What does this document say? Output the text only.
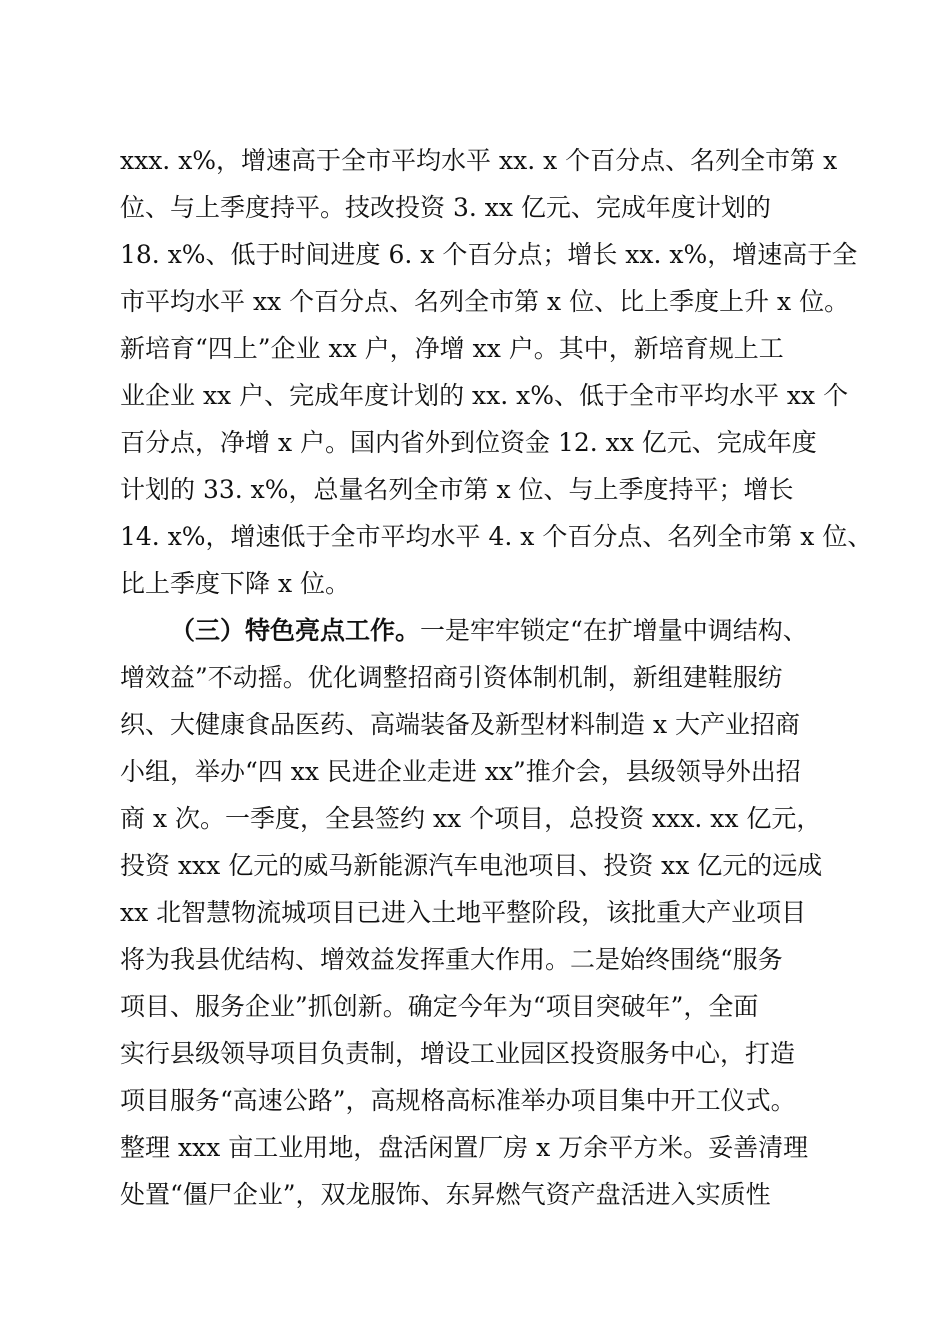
xxx. x%，增速高于全市平均水平 xx. x 个百分点、名列全市第 x
位、与上季度持平。技改投资 3. xx 亿元、完成年度计划的
18. x%、低于时间进度 6. x 个百分点；增长 xx. x%，增速高于全
市平均水平 xx 个百分点、名列全市第 x 位、比上季度上升 x 位。
新培育“四上”企业 xx 户，净增 xx 户。其中，新培育规上工
业企业 xx 户、完成年度计划的 xx. x%、低于全市平均水平 xx 个
百分点，净增 x 户。国内省外到位资金 12. xx 亿元、完成年度
计划的 33. x%，总量名列全市第 x 位、与上季度持平；增长
14. x%，增速低于全市平均水平 4. x 个百分点、名列全市第 x 位、
比上季度下降 x 位。
（三）特色亮点工作。一是牢牢锁定“在扩增量中调结构、
增效益”不动摇。优化调整招商引资体制机制，新组建鞋服纺
织、大健康食品医药、高端装备及新型材料制造 x 大产业招商
小组，举办“四 xx 民进企业走进 xx”推介会，县级领导外出招
商 x 次。一季度，全县签约 xx 个项目，总投资 xxx. xx 亿元，
投资 xxx 亿元的威马新能源汽车电池项目、投资 xx 亿元的远成
xx 北智慧物流城项目已进入土地平整阶段，该批重大产业项目
将为我县优结构、增效益发挥重大作用。二是始终围绕“服务
项目、服务企业”抓创新。确定今年为“项目突破年”，全面
实行县级领导项目负责制，增设工业园区投资服务中心，打造
项目服务“高速公路”，高规格高标准举办项目集中开工仪式。
整理 xxx 亩工业用地，盘活闲置厂房 x 万余平方米。妥善清理
处置“僵尸企业”，双龙服饰、东昇燃气资产盘活进入实质性
